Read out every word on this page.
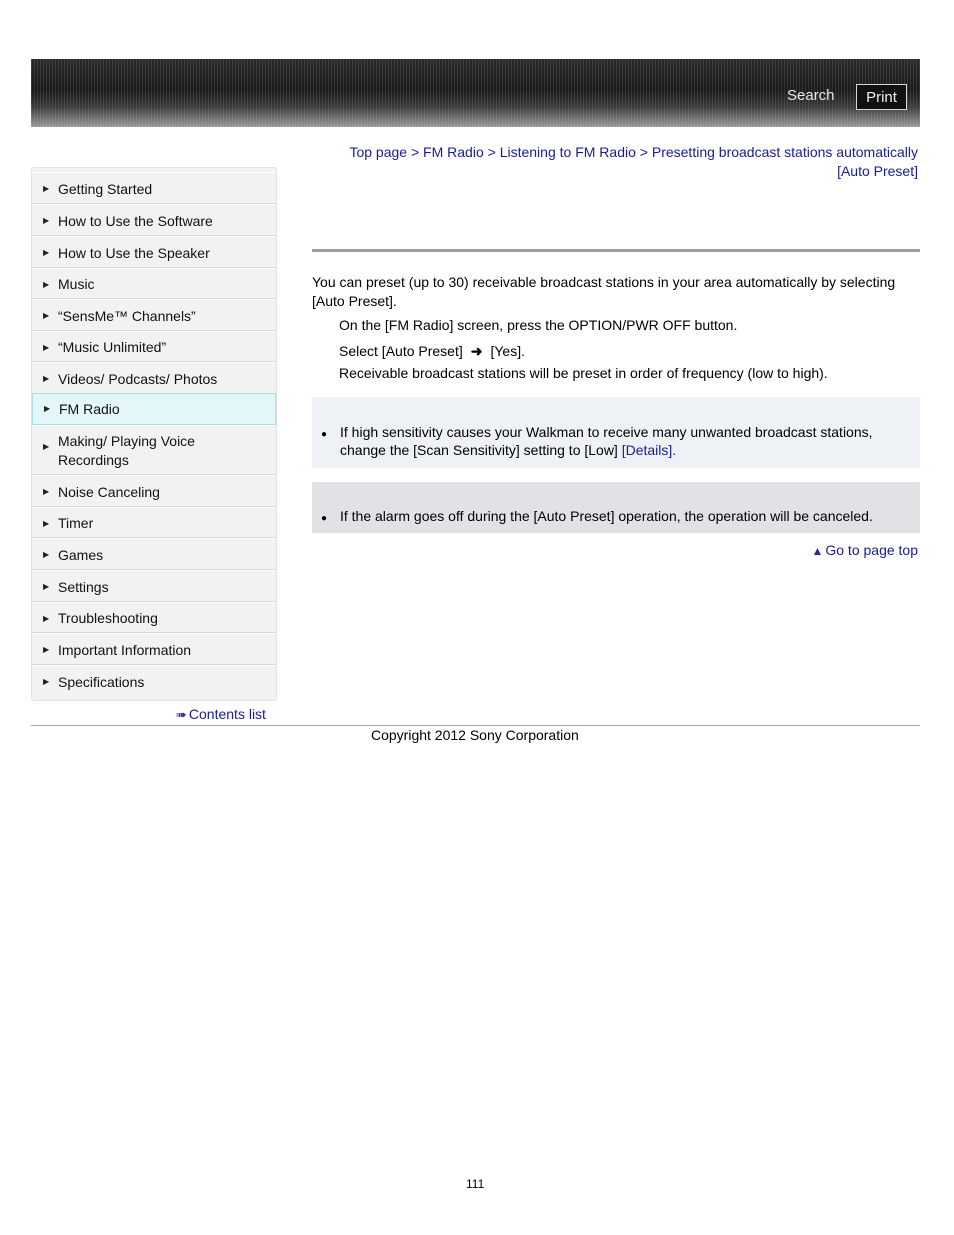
Search	Print
Top page > FM Radio > Listening to FM Radio > Presetting broadcast stations automatically
[Auto Preset]
▶ Getting Started
▶ How to Use the Software
▶ How to Use the Speaker
▶ Music
▶ “SensMe™ Channels”
▶ “Music Unlimited”
▶ Videos/ Podcasts/ Photos
▶ FM Radio
▶ Making/ Playing Voice
Recordings
▶ Noise Canceling
▶ Timer
▶ Games
▶ Settings
▶ Troubleshooting
▶ Important Information
▶ Specifications
➠ Contents list
You can preset (up to 30) receivable broadcast stations in your area automatically by selecting
[Auto Preset].
On the [FM Radio] screen, press the OPTION/PWR OFF button.
Select [Auto Preset] ➜ [Yes].
Receivable broadcast stations will be preset in order of frequency (low to high).
● If high sensitivity causes your Walkman to receive many unwanted broadcast stations,
change the [Scan Sensitivity] setting to [Low] [Details].
● If the alarm goes off during the [Auto Preset] operation, the operation will be canceled.
▲ Go to page top
Copyright 2012 Sony Corporation
111
